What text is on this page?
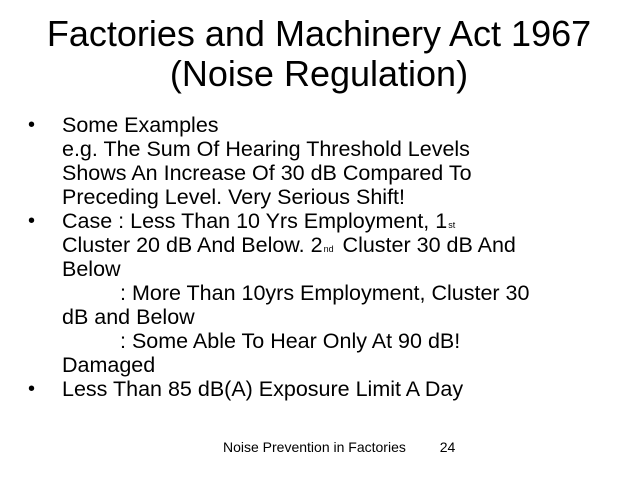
Factories and Machinery Act 1967
(Noise Regulation)
• Some Examples
e.g. The Sum Of Hearing Threshold Levels
Shows An Increase Of 30 dB Compared To
Preceding Level. Very Serious Shift!
• Case : Less Than 10 Yrs Employment, 1st
Cluster 20 dB And Below. 2nd Cluster 30 dB And
Below
: More Than 10yrs Employment, Cluster 30
dB and Below
: Some Able To Hear Only At 90 dB!
Damaged
• Less Than 85 dB(A) Exposure Limit A Day
Noise Prevention in Factories 24
